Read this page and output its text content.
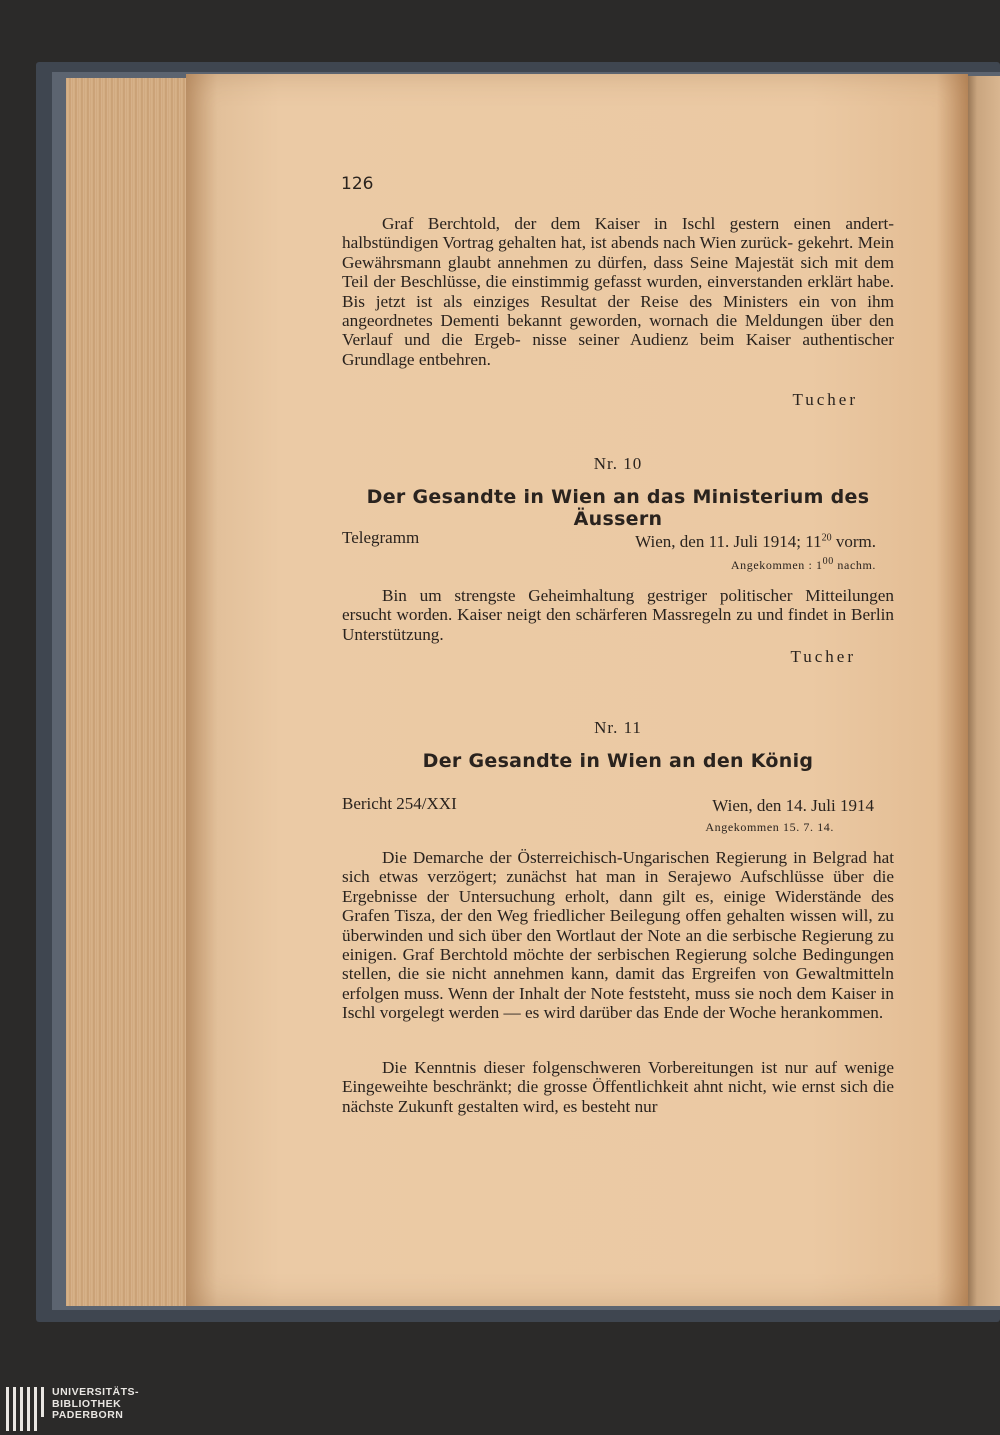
126

Graf Berchtold, der dem Kaiser in Ischl gestern einen andert- halbstündigen Vortrag gehalten hat, ist abends nach Wien zurück- gekehrt. Mein Gewährsmann glaubt annehmen zu dürfen, dass Seine Majestät sich mit dem Teil der Beschlüsse, die einstimmig gefasst wurden, einverstanden erklärt habe. Bis jetzt ist als einziges Resultat der Reise des Ministers ein von ihm angeordnetes Dementi bekannt geworden, wornach die Meldungen über den Verlauf und die Ergeb- nisse seiner Audienz beim Kaiser authentischer Grundlage entbehren.

Tucher
Nr. 10
Der Gesandte in Wien an das Ministerium des Äussern
Telegramm	Wien, den 11. Juli 1914; $11^{20}$ vorm.
Angekommen : $1^{00}$ nachm.

Bin um strengste Geheimhaltung gestriger politischer Mitteilungen ersucht worden. Kaiser neigt den schärferen Massregeln zu und findet in Berlin Unterstützung.

Tucher
Nr. 11
Der Gesandte in Wien an den König
Bericht 254/XXI	Wien, den 14. Juli 1914
Angekommen 15. 7. 14.

Die Demarche der Österreichisch-Ungarischen Regierung in Belgrad hat sich etwas verzögert; zunächst hat man in Serajewo Aufschlüsse über die Ergebnisse der Untersuchung erholt, dann gilt es, einige Widerstände des Grafen Tisza, der den Weg friedlicher Beilegung offen gehalten wissen will, zu überwinden und sich über den Wortlaut der Note an die serbische Regierung zu einigen. Graf Berchtold möchte der serbischen Regierung solche Bedingungen stellen, die sie nicht annehmen kann, damit das Ergreifen von Gewaltmitteln erfolgen muss. Wenn der Inhalt der Note feststeht, muss sie noch dem Kaiser in Ischl vorgelegt werden — es wird darüber das Ende der Woche herankommen.

Die Kenntnis dieser folgenschweren Vorbereitungen ist nur auf wenige Eingeweihte beschränkt; die grosse Öffentlichkeit ahnt nicht, wie ernst sich die nächste Zukunft gestalten wird, es besteht nur

UNIVERSITÄTS-
BIBLIOTHEK
PADERBORN
